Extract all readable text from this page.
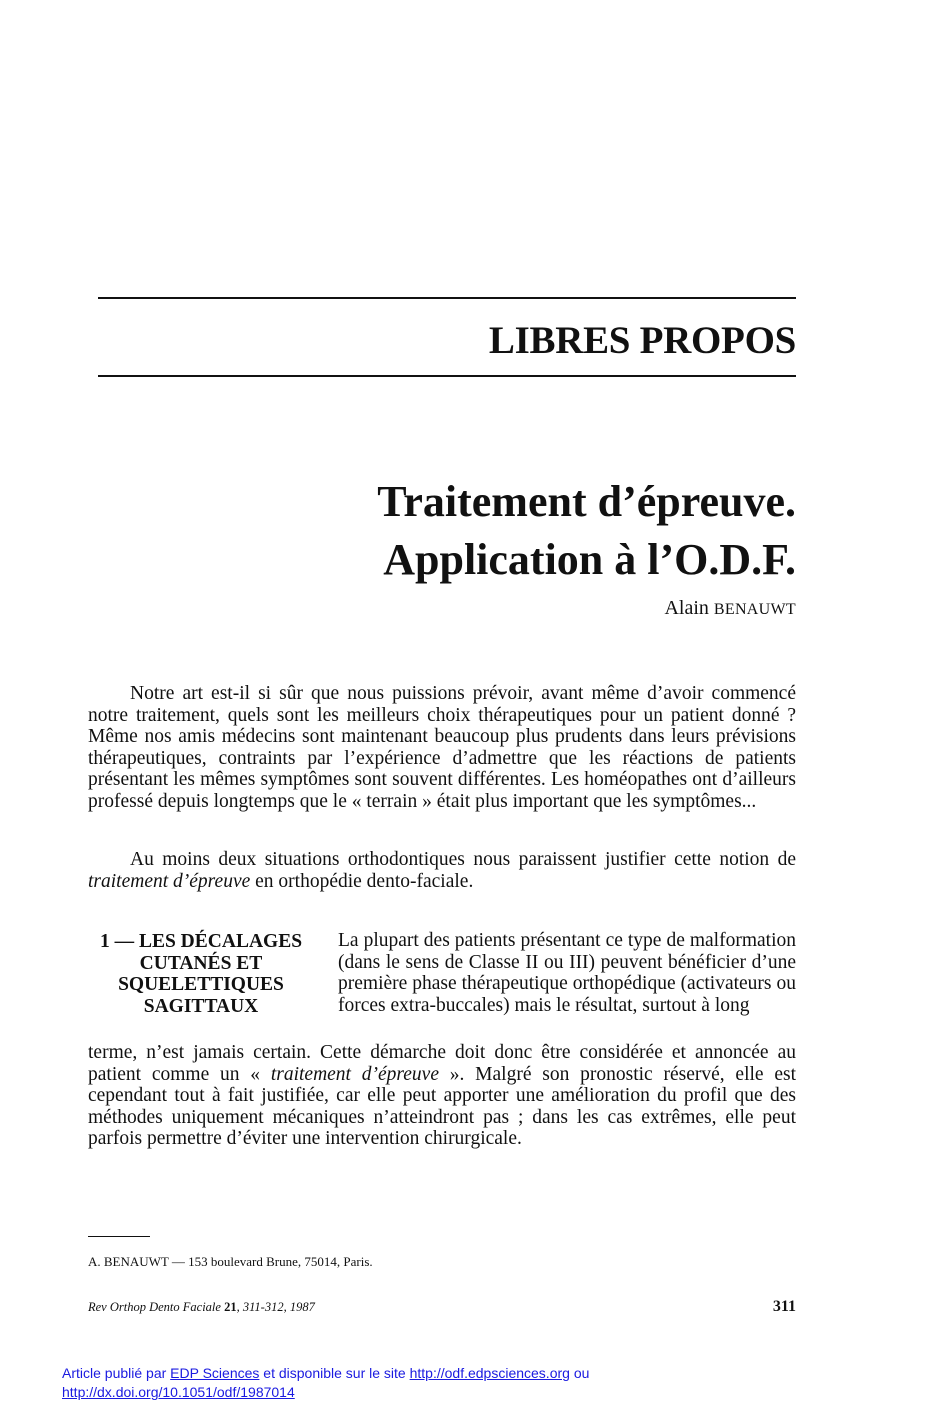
LIBRES PROPOS
Traitement d’épreuve.
Application à l’O.D.F.
Alain BENAUWT
Notre art est-il si sûr que nous puissions prévoir, avant même d’avoir commencé notre traitement, quels sont les meilleurs choix thérapeutiques pour un patient donné ? Même nos amis médecins sont maintenant beaucoup plus prudents dans leurs prévisions thérapeutiques, contraints par l’expérience d’admettre que les réactions de patients présentant les mêmes symptômes sont souvent différentes. Les homéopathes ont d’ailleurs professé depuis longtemps que le « terrain » était plus important que les symptômes...
Au moins deux situations orthodontiques nous paraissent justifier cette notion de traitement d’épreuve en orthopédie dento-faciale.
1 — LES DÉCALAGES CUTANÉS ET SQUELETTIQUES SAGITTAUX
La plupart des patients présentant ce type de malformation (dans le sens de Classe II ou III) peuvent bénéficier d’une première phase thérapeutique orthopédique (activateurs ou forces extra-buccales) mais le résultat, surtout à long
terme, n’est jamais certain. Cette démarche doit donc être considérée et annoncée au patient comme un « traitement d’épreuve ». Malgré son pronostic réservé, elle est cependant tout à fait justifiée, car elle peut apporter une amélioration du profil que des méthodes uniquement mécaniques n’atteindront pas ; dans les cas extrêmes, elle peut parfois permettre d’éviter une intervention chirurgicale.
A. BENAUWT — 153 boulevard Brune, 75014, Paris.
Rev Orthop Dento Faciale 21, 311-312, 1987	311
Article publié par EDP Sciences et disponible sur le site http://odf.edpsciences.org ou
http://dx.doi.org/10.1051/odf/1987014
